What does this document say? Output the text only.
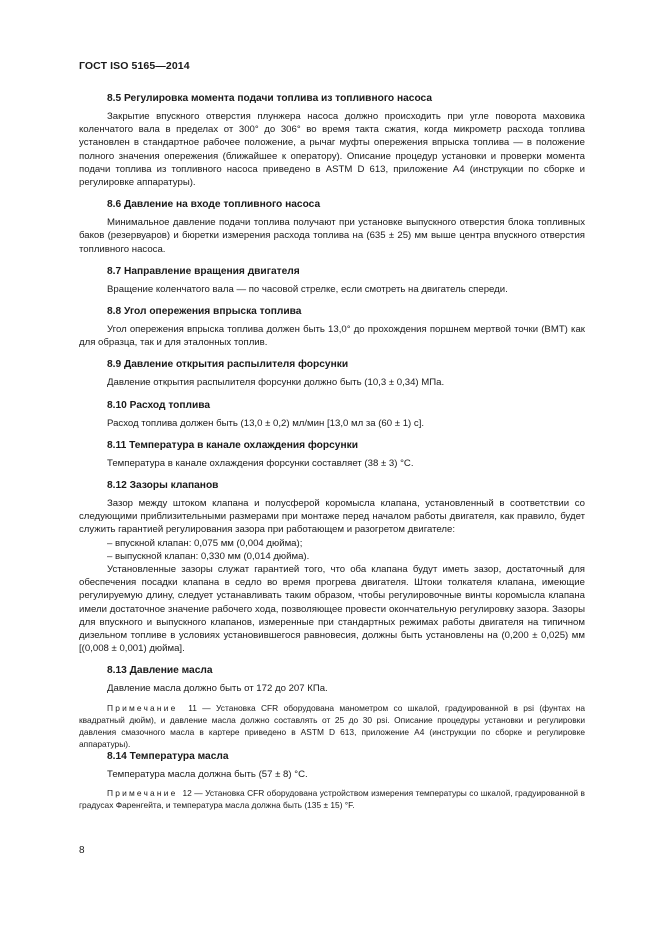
ГОСТ ISO 5165—2014

8.5 Регулировка момента подачи топлива из топливного насоса

Закрытие впускного отверстия плунжера насоса должно происходить при угле поворота маховика коленчатого вала в пределах от 300° до 306° во время такта сжатия, когда микрометр расхода топлива установлен в стандартное рабочее положение, а рычаг муфты опережения впрыска топлива — в положение полного значения опережения (ближайшее к оператору). Описание процедур установки и проверки момента подачи топлива из топливного насоса приведено в ASTM D 613, приложение А4 (инструкции по сборке и регулировке аппаратуры).

8.6 Давление на входе топливного насоса

Минимальное давление подачи топлива получают при установке выпускного отверстия блока топливных баков (резервуаров) и бюретки измерения расхода топлива на (635 ± 25) мм выше центра впускного отверстия топливного насоса.

8.7 Направление вращения двигателя

Вращение коленчатого вала — по часовой стрелке, если смотреть на двигатель спереди.

8.8 Угол опережения впрыска топлива

Угол опережения впрыска топлива должен быть 13,0° до прохождения поршнем мертвой точки (ВМТ) как для образца, так и для эталонных топлив.

8.9 Давление открытия распылителя форсунки

Давление открытия распылителя форсунки должно быть (10,3 ± 0,34) МПа.

8.10 Расход топлива

Расход топлива должен быть (13,0 ± 0,2) мл/мин [13,0 мл за (60 ± 1) с].

8.11 Температура в канале охлаждения форсунки

Температура в канале охлаждения форсунки составляет (38 ± 3) °С.

8.12 Зазоры клапанов

Зазор между штоком клапана и полусферой коромысла клапана, установленный в соответствии со следующими приблизительными размерами при монтаже перед началом работы двигателя, как правило, будет служить гарантией регулирования зазора при работающем и разогретом двигателе:

– впускной клапан: 0,075 мм (0,004 дюйма);

– выпускной клапан: 0,330 мм (0,014 дюйма).

Установленные зазоры служат гарантией того, что оба клапана будут иметь зазор, достаточный для обеспечения посадки клапана в седло во время прогрева двигателя. Штоки толкателя клапана, имеющие регулируемую длину, следует устанавливать таким образом, чтобы регулировочные винты коромысла клапана имели достаточное значение рабочего хода, позволяющее провести окончательную регулировку зазора. Зазоры для впускного и выпускного клапанов, измеренные при стандартных режимах работы двигателя на типичном дизельном топливе в условиях установившегося равновесия, должны быть установлены на (0,200 ± 0,025) мм [(0,008 ± 0,001) дюйма].

8.13 Давление масла

Давление масла должно быть от 172 до 207 КПа.

Примечание 11 — Установка CFR оборудована манометром со шкалой, градуированной в psi (фунтах на квадратный дюйм), и давление масла должно составлять от 25 до 30 psi. Описание процедуры установки и регулировки давления смазочного масла в картере приведено в ASTM D 613, приложение А4 (инструкции по сборке и регулировке аппаратуры).

8.14 Температура масла

Температура масла должна быть (57 ± 8) °С.

Примечание 12 — Установка CFR оборудована устройством измерения температуры со шкалой, градуированной в градусах Фаренгейта, и температура масла должна быть (135 ± 15) °F.

8
